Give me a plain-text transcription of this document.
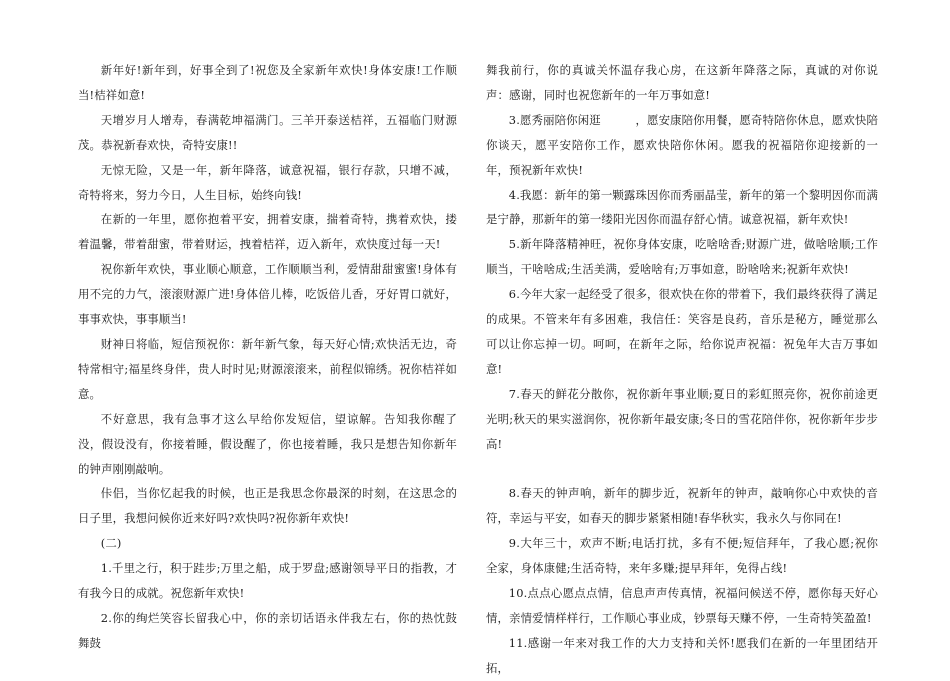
新年好!新年到，好事全到了!祝您及全家新年欢快!身体安康!工作顺当!桔祥如意!

天增岁月人增寿，春满乾坤福满门。三羊开泰送桔祥，五福临门财源茂。恭祝新春欢快，奇特安康!!

无惊无险，又是一年，新年降落，诚意祝福，银行存款，只增不减，奇特将来，努力今日，人生目标，始终向钱!

在新的一年里，愿你抱着平安，拥着安康，揣着奇特，携着欢快，搂着温馨，带着甜蜜，带着财运，拽着桔祥，迈入新年，欢快度过每一天!

祝你新年欢快，事业顺心顺意，工作顺顺当利，爱情甜甜蜜蜜!身体有用不完的力气，滚滚财源广进!身体倍儿棒，吃饭倍儿香，牙好胃口就好，事事欢快，事事顺当!

财神日将临，短信预祝你：新年新气象，每天好心情;欢快活无边，奇特常相守;福星终身伴，贵人时时见;财源滚滚来，前程似锦绣。祝你桔祥如意。

不好意思，我有急事才这么早给你发短信，望谅解。告知我你醒了没，假设没有，你接着睡，假设醒了，你也接着睡，我只是想告知你新年的钟声刚刚敲响。

佧侣，当你忆起我的时候，也正是我思念你最深的时刻，在这思念的日子里，我想问候你近来好吗?欢快吗?祝你新年欢快!

(二)

1.千里之行，积于跬步;万里之船，成于罗盘;感谢领导平日的指教，才有我今日的成就。祝您新年欢快!

2.你的绚烂笑容长留我心中，你的亲切话语永伴我左右，你的热忱鼓舞鼓

舞我前行，你的真诚关怀温存我心房，在这新年降落之际，真诚的对你说声：感谢，同时也祝您新年的一年万事如意!

3.愿秀丽陪你闲逛　　　，愿安康陪你用餐，愿奇特陪你休息，愿欢快陪你谈天，愿平安陪你工作，愿欢快陪你休闲。愿我的祝福陪你迎接新的一年，预祝新年欢快!

4.我愿：新年的第一颗露珠因你而秀丽晶莹，新年的第一个黎明因你而满是宁静，那新年的第一缕阳光因你而温存舒心情。诚意祝福，新年欢快!

5.新年降落精神旺，祝你身体安康，吃啥啥香;财源广进，做啥啥顺;工作顺当，干啥啥成;生活美满，爱啥啥有;万事如意，盼啥啥来;祝新年欢快!

6.今年大家一起经受了很多，很欢快在你的带着下，我们最终获得了满足的成果。不管来年有多困难，我信任：笑容是良药，音乐是秘方，睡觉那么可以让你忘掉一切。呵呵，在新年之际，给你说声祝福：祝兔年大吉万事如意!

7.春天的鲜花分散你，祝你新年事业顺;夏日的彩虹照亮你，祝你前途更光明;秋天的果实滋润你，祝你新年最安康;冬日的雪花陪伴你，祝你新年步步高!

8.春天的钟声响，新年的脚步近，祝新年的钟声，敲响你心中欢快的音符，幸运与平安，如春天的脚步紧紧相随!春华秋实，我永久与你同在!

9.大年三十，欢声不断;电话打扰，多有不便;短信拜年，了我心愿;祝你全家，身体康健;生活奇特，来年多赚;提早拜年，免得占线!

10.点点心愿点点情，信息声声传真情，祝福问候送不停，愿你每天好心情，亲情爱情样样行，工作顺心事业成，钞票每天赚不停，一生奇特笑盈盈!

11.感谢一年来对我工作的大力支持和关怀!愿我们在新的一年里团结开拓，
